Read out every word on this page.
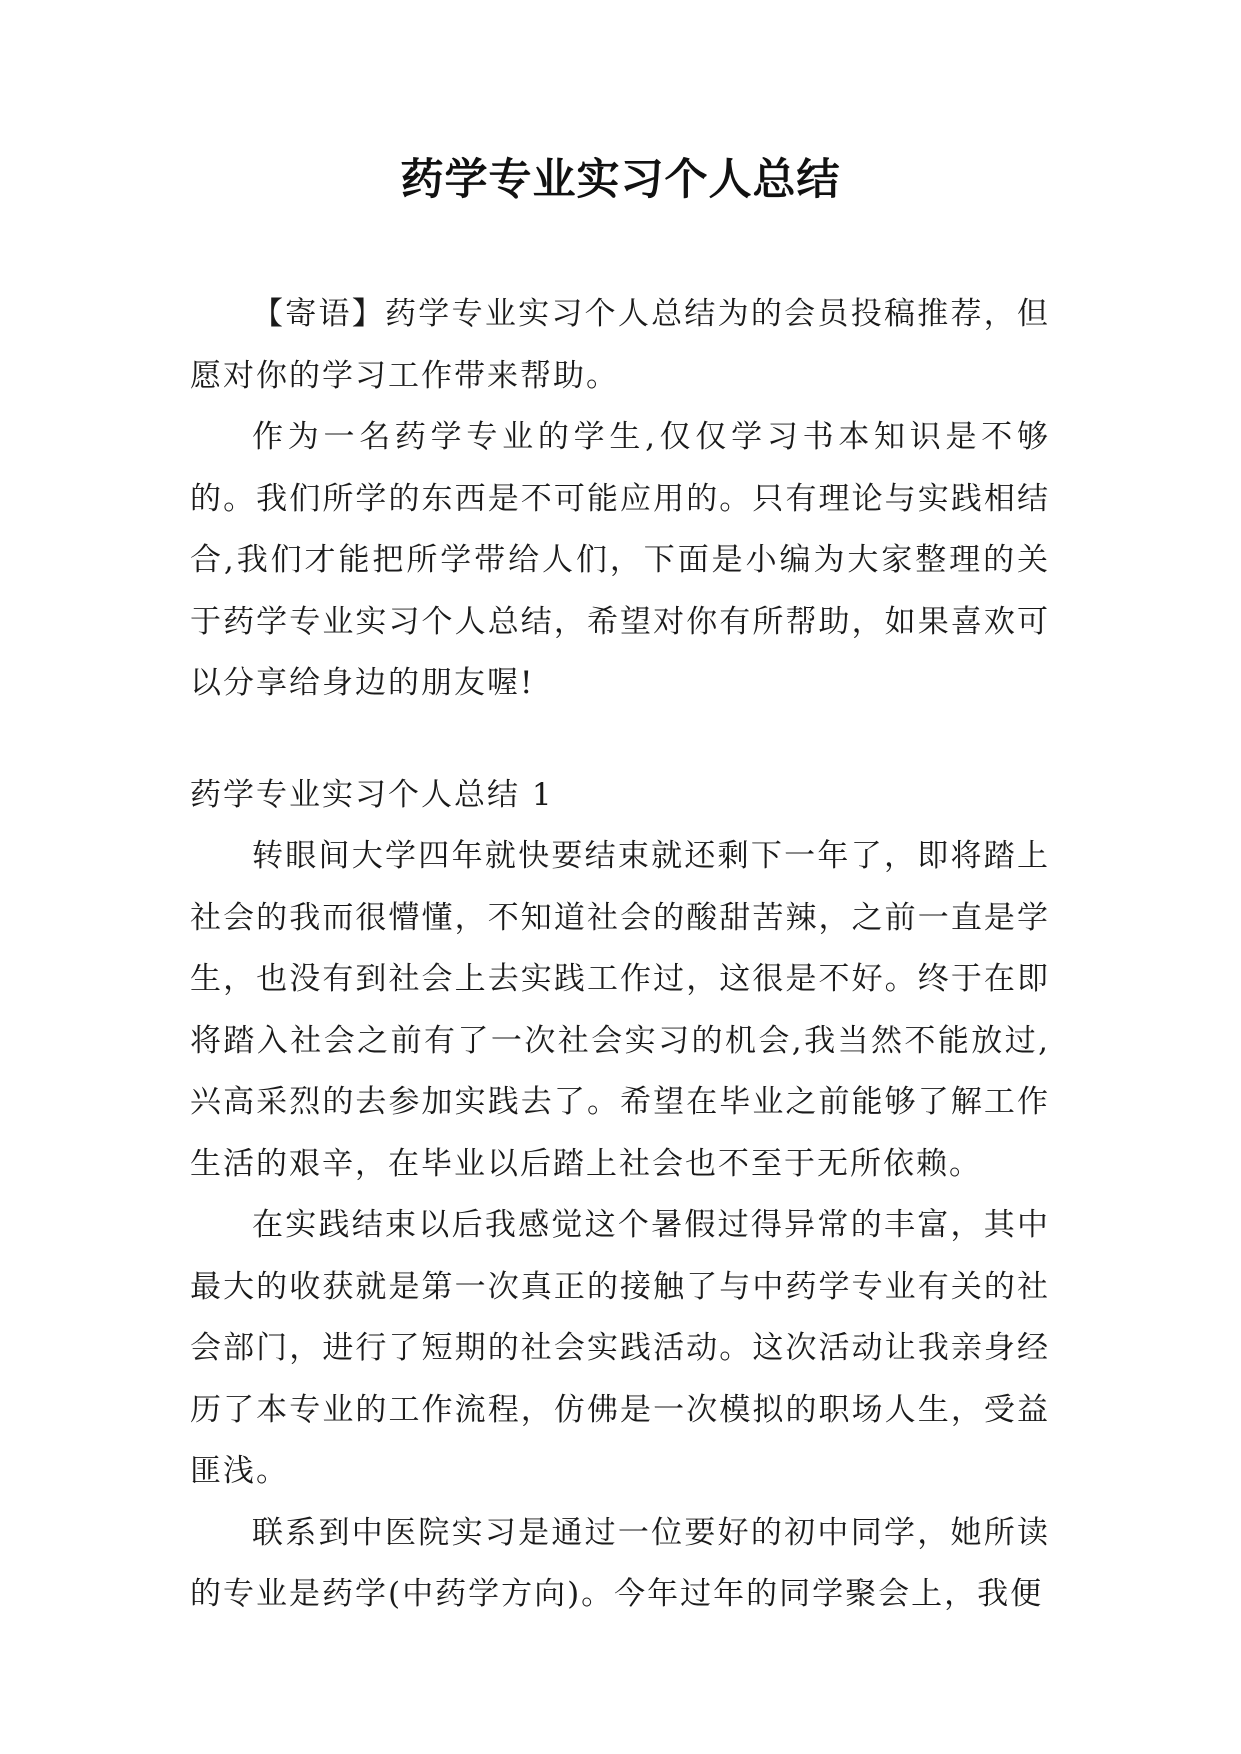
药学专业实习个人总结

【寄语】药学专业实习个人总结为的会员投稿推荐，但愿对你的学习工作带来帮助。

作为一名药学专业的学生,仅仅学习书本知识是不够的。我们所学的东西是不可能应用的。只有理论与实践相结合,我们才能把所学带给人们，下面是小编为大家整理的关于药学专业实习个人总结，希望对你有所帮助，如果喜欢可以分享给身边的朋友喔!

药学专业实习个人总结 1

转眼间大学四年就快要结束就还剩下一年了，即将踏上社会的我而很懵懂，不知道社会的酸甜苦辣，之前一直是学生，也没有到社会上去实践工作过，这很是不好。终于在即将踏入社会之前有了一次社会实习的机会,我当然不能放过,兴高采烈的去参加实践去了。希望在毕业之前能够了解工作生活的艰辛，在毕业以后踏上社会也不至于无所依赖。

在实践结束以后我感觉这个暑假过得异常的丰富，其中最大的收获就是第一次真正的接触了与中药学专业有关的社会部门，进行了短期的社会实践活动。这次活动让我亲身经历了本专业的工作流程，仿佛是一次模拟的职场人生，受益匪浅。

联系到中医院实习是通过一位要好的初中同学，她所读的专业是药学(中药学方向)。今年过年的同学聚会上，我便
